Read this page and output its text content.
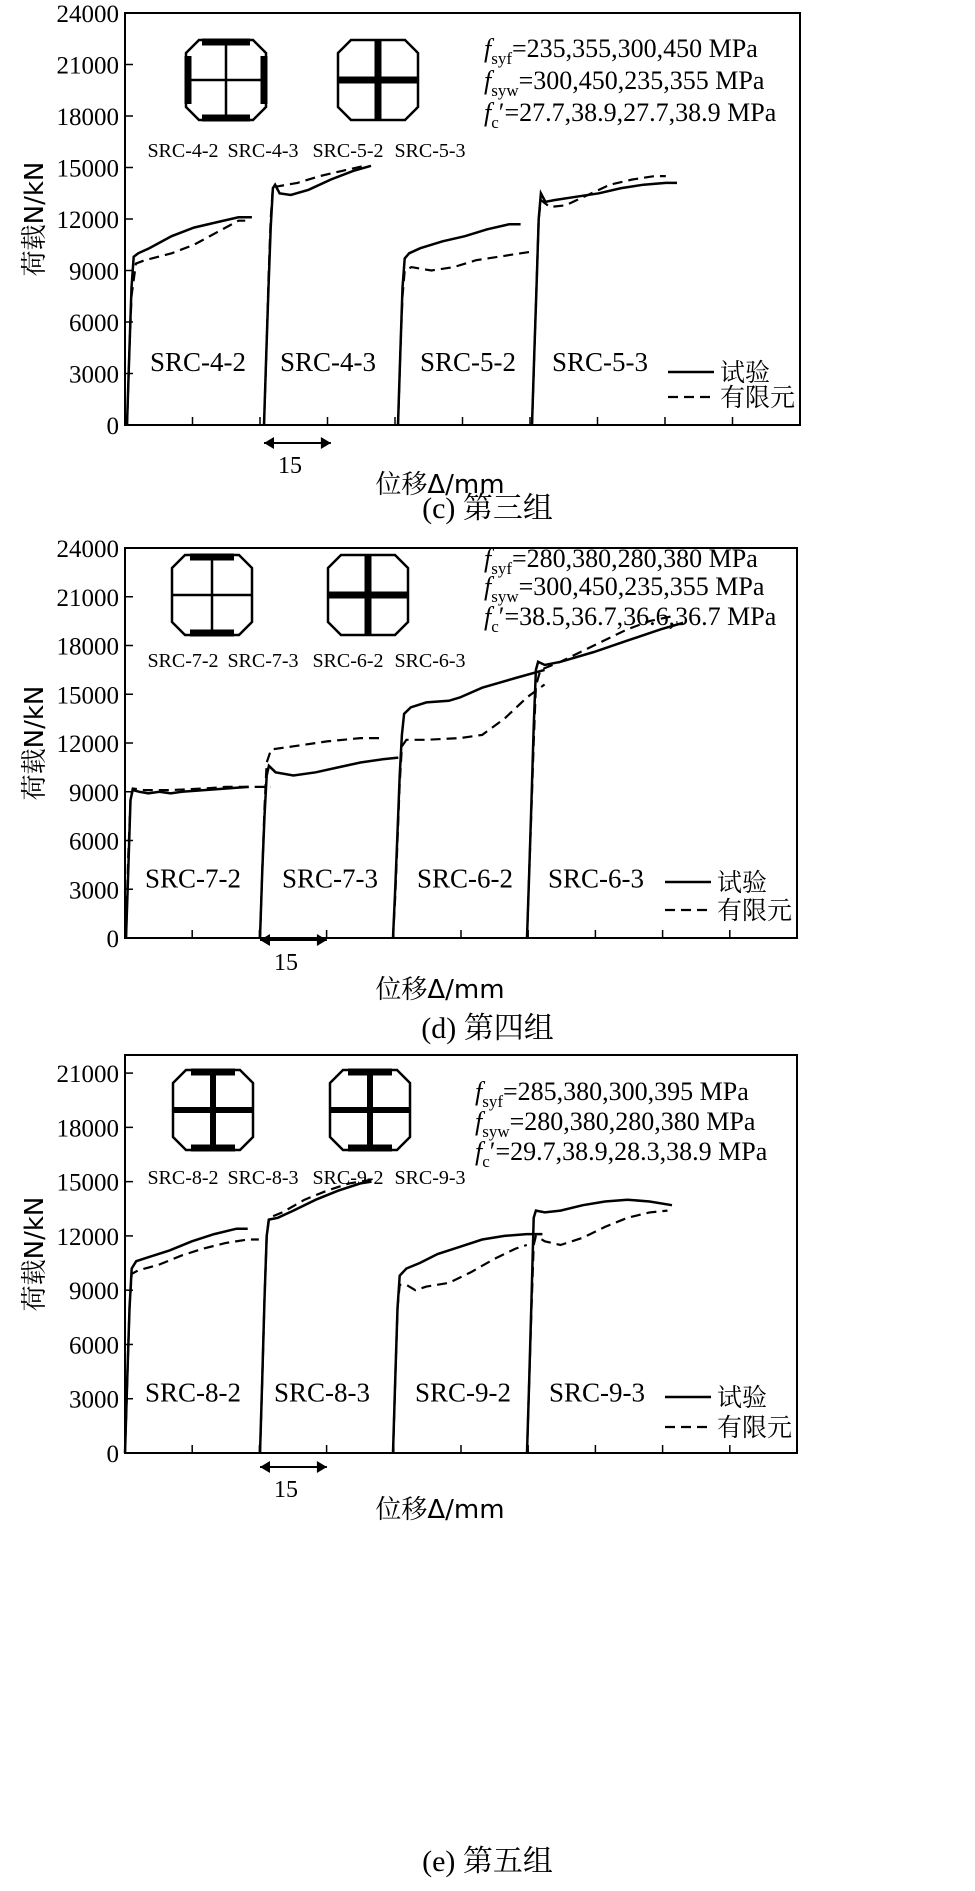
0
3000
6000
9000
12000
15000
18000
21000
24000
荷载N/kN
位移Δ/mm
15
SRC-4-2 SRC-4-3 SRC-5-2 SRC-5-3	试验
有限元
$f_{syf}=235,355,300,450$ MPa
$f_{syw}=300,450,235,355$ MPa
$f_c'=27.7,38.9,27.7,38.9$ MPa
SRC-4-2 SRC-4-3 SRC-5-2 SRC-5-3
(c) 第三组
0
3000
6000
9000
12000
15000
18000
21000
24000
荷载N/kN
位移Δ/mm
15
SRC-7-2 SRC-7-3 SRC-6-2 SRC-6-3	试验
有限元
$f_{syf}=280,380,280,380$ MPa
$f_{syw}=300,450,235,355$ MPa
$f_c'=38.5,36.7,36.6,36.7$ MPa
SRC-7-2 SRC-7-3 SRC-6-2 SRC-6-3
(d) 第四组
0
3000
6000
9000
12000
15000
18000
21000
荷载N/kN
位移Δ/mm
15
SRC-8-2 SRC-8-3 SRC-9-2 SRC-9-3	试验
有限元
$f_{syf}=285,380,300,395$ MPa
$f_{syw}=280,380,280,380$ MPa
$f_c'=29.7,38.9,28.3,38.9$ MPa
SRC-8-2 SRC-8-3 SRC-9-2 SRC-9-3
(e) 第五组
